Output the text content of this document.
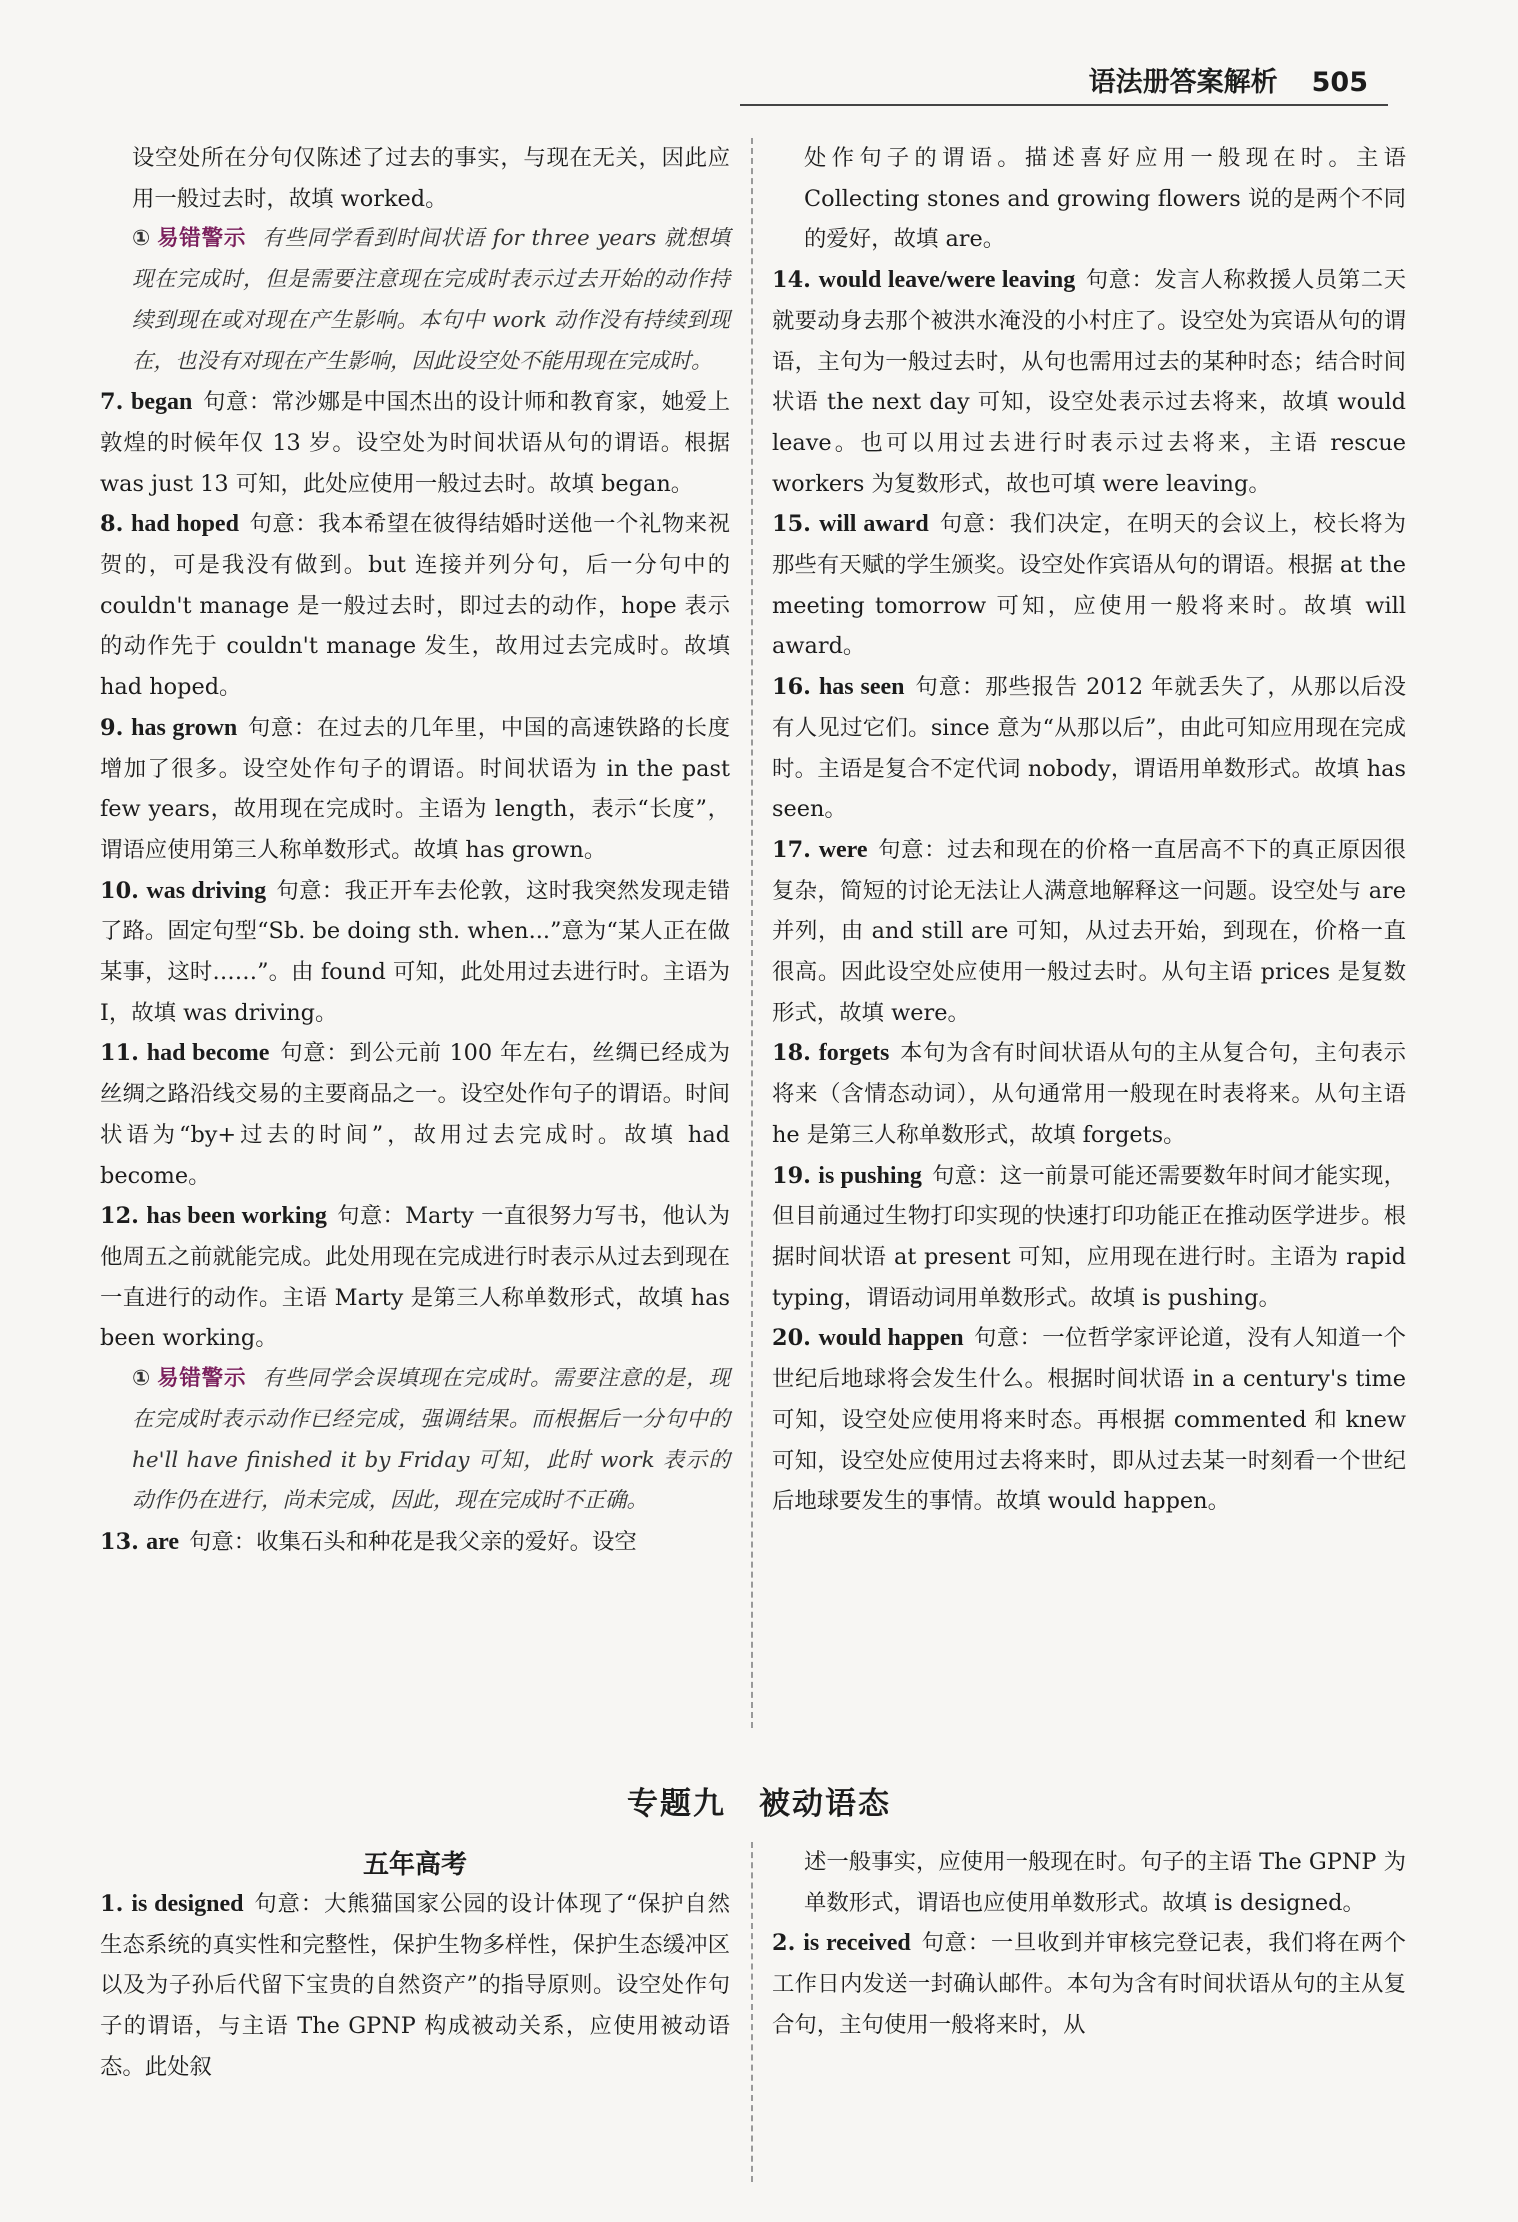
语法册答案解析 505

设空处所在分句仅陈述了过去的事实，与现在无关，因此应用一般过去时，故填 worked。

① 易错警示 有些同学看到时间状语 for three years 就想填现在完成时，但是需要注意现在完成时表示过去开始的动作持续到现在或对现在产生影响。本句中 work 动作没有持续到现在，也没有对现在产生影响，因此设空处不能用现在完成时。

7. began 句意：常沙娜是中国杰出的设计师和教育家，她爱上敦煌的时候年仅 13 岁。设空处为时间状语从句的谓语。根据 was just 13 可知，此处应使用一般过去时。故填 began。

8. had hoped 句意：我本希望在彼得结婚时送他一个礼物来祝贺的，可是我没有做到。but 连接并列分句，后一分句中的 couldn't manage 是一般过去时，即过去的动作，hope 表示的动作先于 couldn't manage 发生，故用过去完成时。故填 had hoped。

9. has grown 句意：在过去的几年里，中国的高速铁路的长度增加了很多。设空处作句子的谓语。时间状语为 in the past few years，故用现在完成时。主语为 length，表示“长度”，谓语应使用第三人称单数形式。故填 has grown。

10. was driving 句意：我正开车去伦敦，这时我突然发现走错了路。固定句型“Sb. be doing sth. when...”意为“某人正在做某事，这时……”。由 found 可知，此处用过去进行时。主语为 I，故填 was driving。

11. had become 句意：到公元前 100 年左右，丝绸已经成为丝绸之路沿线交易的主要商品之一。设空处作句子的谓语。时间状语为“by+过去的时间”，故用过去完成时。故填 had become。

12. has been working 句意：Marty 一直很努力写书，他认为他周五之前就能完成。此处用现在完成进行时表示从过去到现在一直进行的动作。主语 Marty 是第三人称单数形式，故填 has been working。

① 易错警示 有些同学会误填现在完成时。需要注意的是，现在完成时表示动作已经完成，强调结果。而根据后一分句中的 he'll have finished it by Friday 可知，此时 work 表示的动作仍在进行，尚未完成，因此，现在完成时不正确。

13. are 句意：收集石头和种花是我父亲的爱好。设空

处作句子的谓语。描述喜好应用一般现在时。主语 Collecting stones and growing flowers 说的是两个不同的爱好，故填 are。

14. would leave/were leaving 句意：发言人称救援人员第二天就要动身去那个被洪水淹没的小村庄了。设空处为宾语从句的谓语，主句为一般过去时，从句也需用过去的某种时态；结合时间状语 the next day 可知，设空处表示过去将来，故填 would leave。也可以用过去进行时表示过去将来，主语 rescue workers 为复数形式，故也可填 were leaving。

15. will award 句意：我们决定，在明天的会议上，校长将为那些有天赋的学生颁奖。设空处作宾语从句的谓语。根据 at the meeting tomorrow 可知，应使用一般将来时。故填 will award。

16. has seen 句意：那些报告 2012 年就丢失了，从那以后没有人见过它们。since 意为“从那以后”，由此可知应用现在完成时。主语是复合不定代词 nobody，谓语用单数形式。故填 has seen。

17. were 句意：过去和现在的价格一直居高不下的真正原因很复杂，简短的讨论无法让人满意地解释这一问题。设空处与 are 并列，由 and still are 可知，从过去开始，到现在，价格一直很高。因此设空处应使用一般过去时。从句主语 prices 是复数形式，故填 were。

18. forgets 本句为含有时间状语从句的主从复合句，主句表示将来（含情态动词），从句通常用一般现在时表将来。从句主语 he 是第三人称单数形式，故填 forgets。

19. is pushing 句意：这一前景可能还需要数年时间才能实现，但目前通过生物打印实现的快速打印功能正在推动医学进步。根据时间状语 at present 可知，应用现在进行时。主语为 rapid typing，谓语动词用单数形式。故填 is pushing。

20. would happen 句意：一位哲学家评论道，没有人知道一个世纪后地球将会发生什么。根据时间状语 in a century's time 可知，设空处应使用将来时态。再根据 commented 和 knew 可知，设空处应使用过去将来时，即从过去某一时刻看一个世纪后地球要发生的事情。故填 would happen。

专题九　被动语态
五年高考

1. is designed 句意：大熊猫国家公园的设计体现了“保护自然生态系统的真实性和完整性，保护生物多样性，保护生态缓冲区以及为子孙后代留下宝贵的自然资产”的指导原则。设空处作句子的谓语，与主语 The GPNP 构成被动关系，应使用被动语态。此处叙

述一般事实，应使用一般现在时。句子的主语 The GPNP 为单数形式，谓语也应使用单数形式。故填 is designed。

2. is received 句意：一旦收到并审核完登记表，我们将在两个工作日内发送一封确认邮件。本句为含有时间状语从句的主从复合句，主句使用一般将来时，从
